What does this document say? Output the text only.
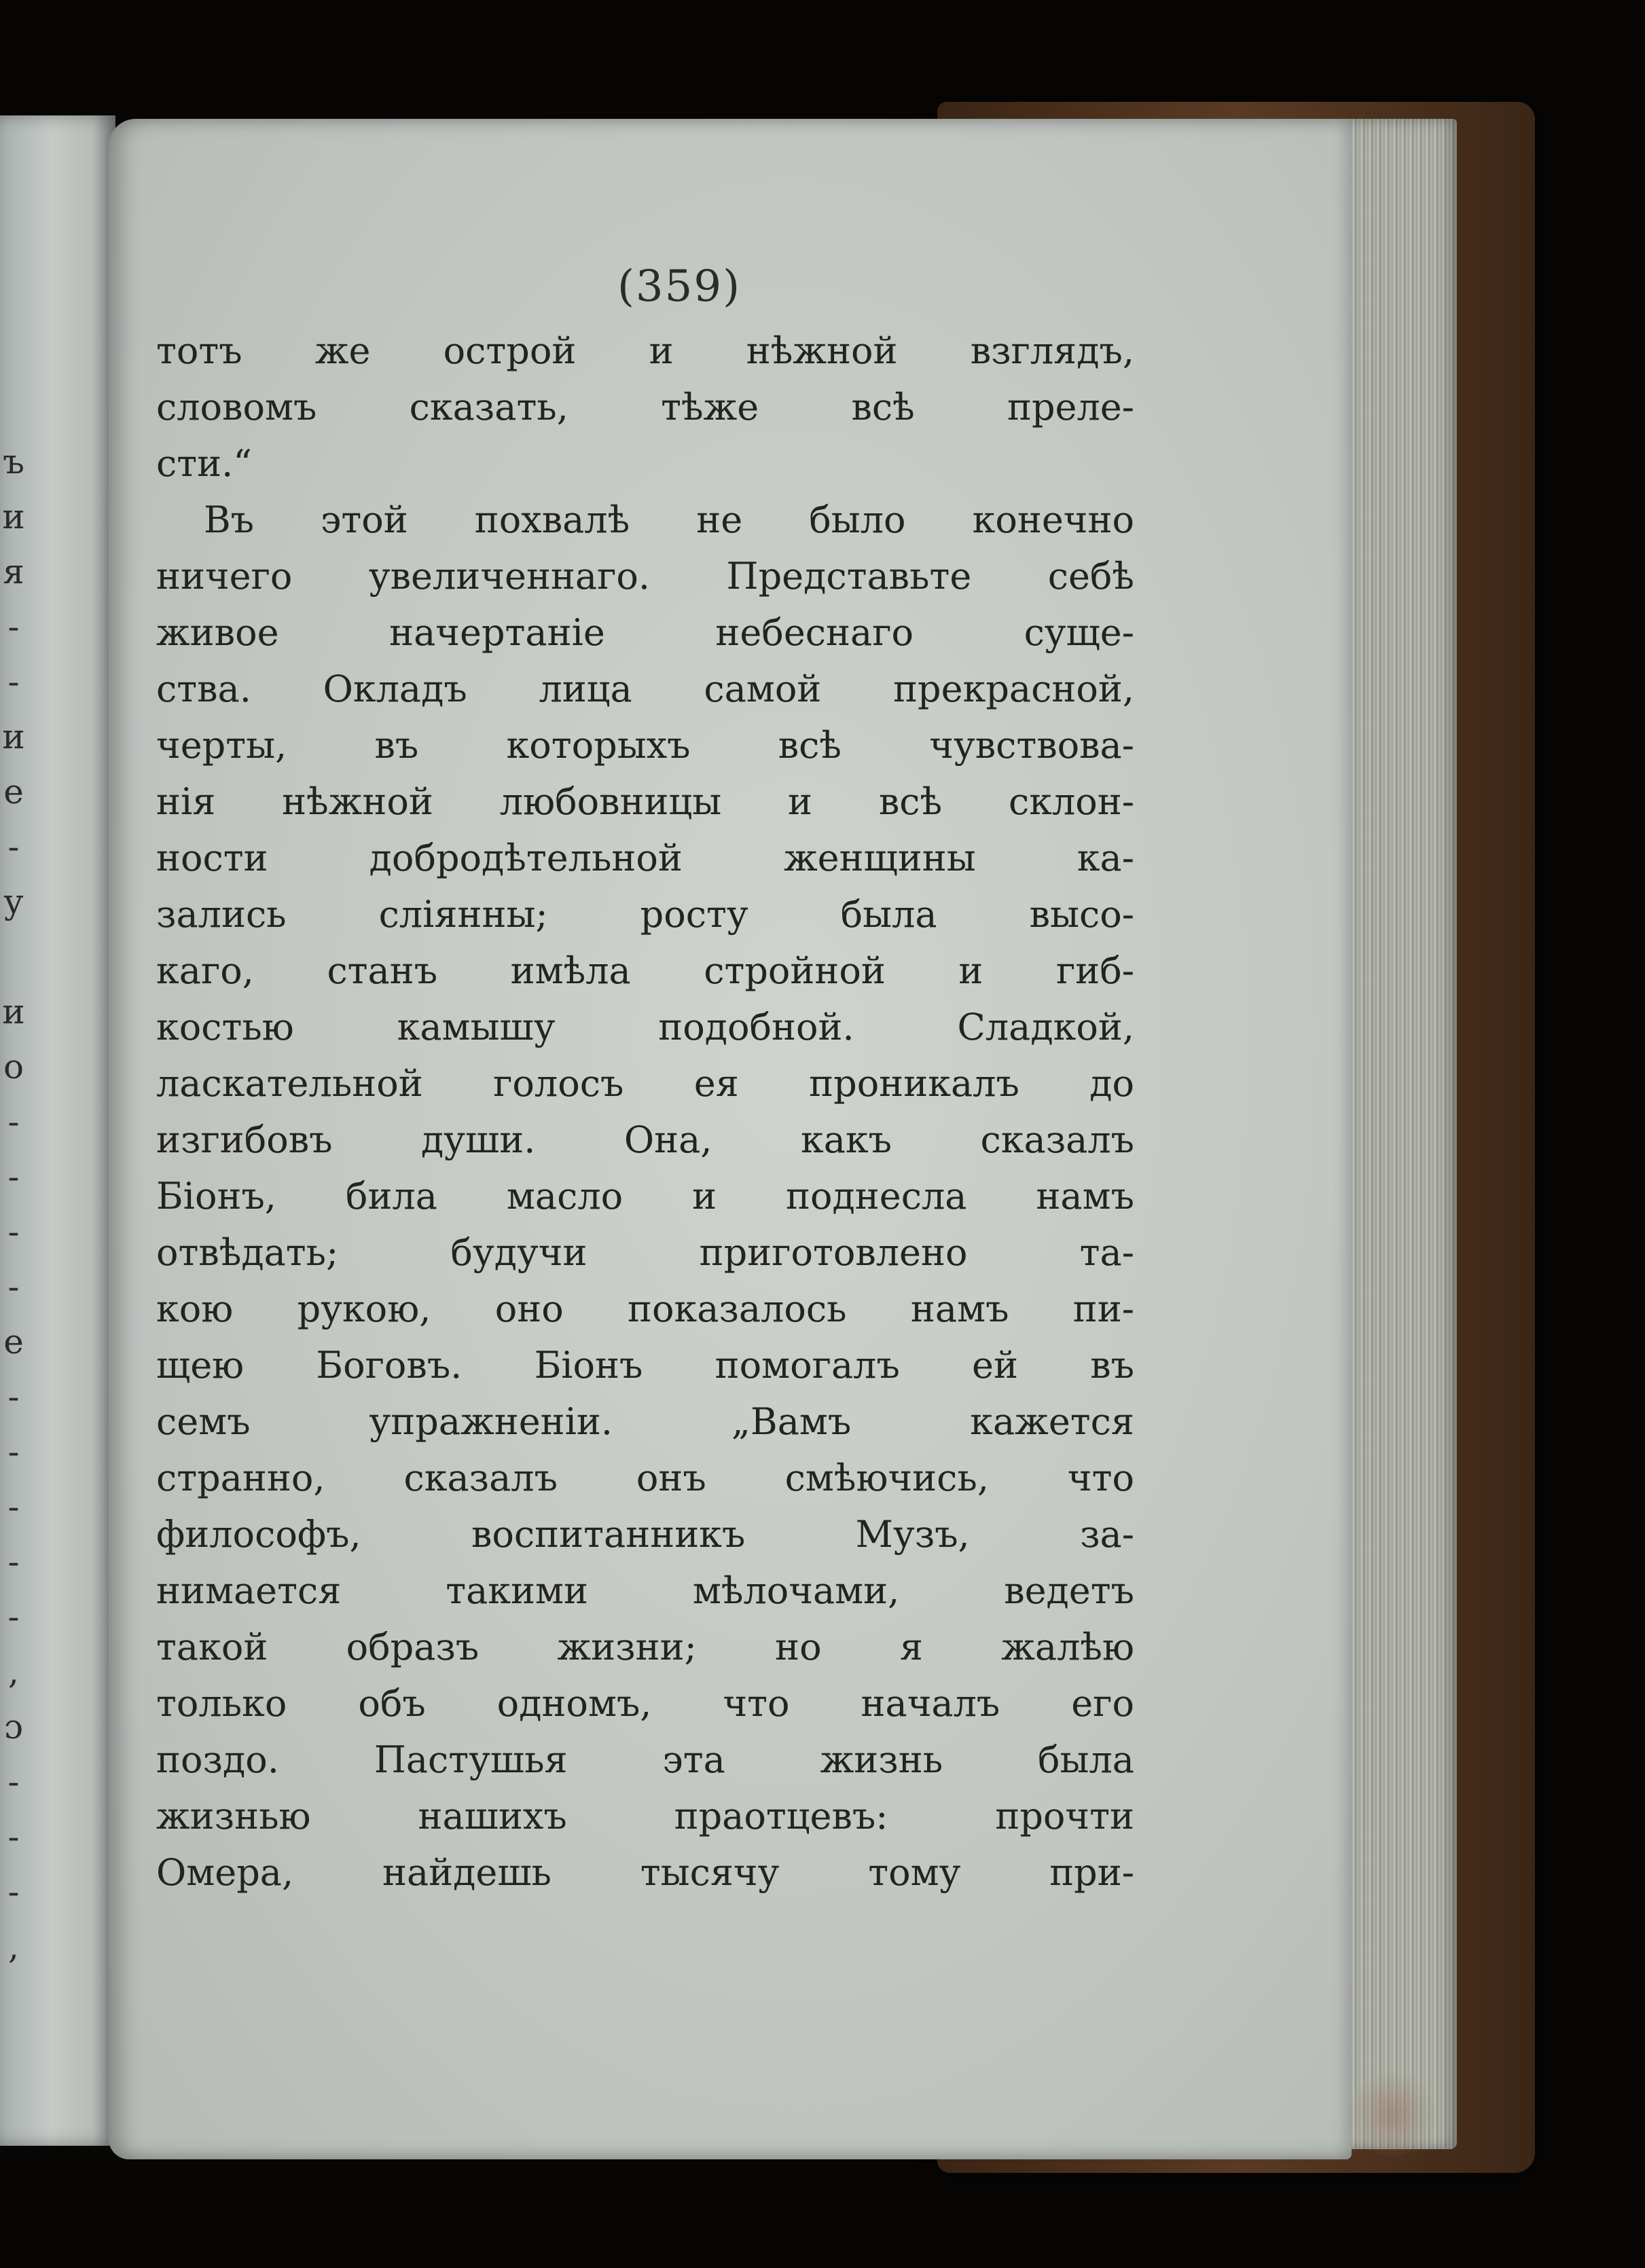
ъ
и
я
-
-
и
е
-
у
и
о
-
-
-
-
е
-
-
-
-
-
,
ɔ
-
-
-
,
(359)
тотъ же острой и нѣжной взглядъ,
словомъ сказать, тѣже всѣ преле-
сти.“
Въ этой похвалѣ не было конечно
ничего увеличеннаго. Представьте себѣ
живое начертаніе небеснаго суще-
ства. Окладъ лица самой прекрасной,
черты, въ которыхъ всѣ чувствова-
нія нѣжной любовницы и всѣ склон-
ности добродѣтельной женщины ка-
зались слiянны; росту была высо-
каго, станъ имѣла стройной и гиб-
костью камышу подобной. Сладкой,
ласкательной голосъ ея проникалъ до
изгибовъ души. Она, какъ сказалъ
Біонъ, била масло и поднесла намъ
отвѣдать; будучи приготовлено та-
кою рукою, оно показалось намъ пи-
щею Боговъ. Біонъ помогалъ ей въ
семъ упражненіи. „Вамъ кажется
странно, сказалъ онъ смѣючись, что
философъ, воспитанникъ Музъ, за-
нимается такими мѣлочами, ведетъ
такой образъ жизни; но я жалѣю
только объ одномъ, что началъ его
поздо. Пастушья эта жизнь была
жизнью нашихъ праотцевъ: прочти
Омера, найдешь тысячу тому при-
